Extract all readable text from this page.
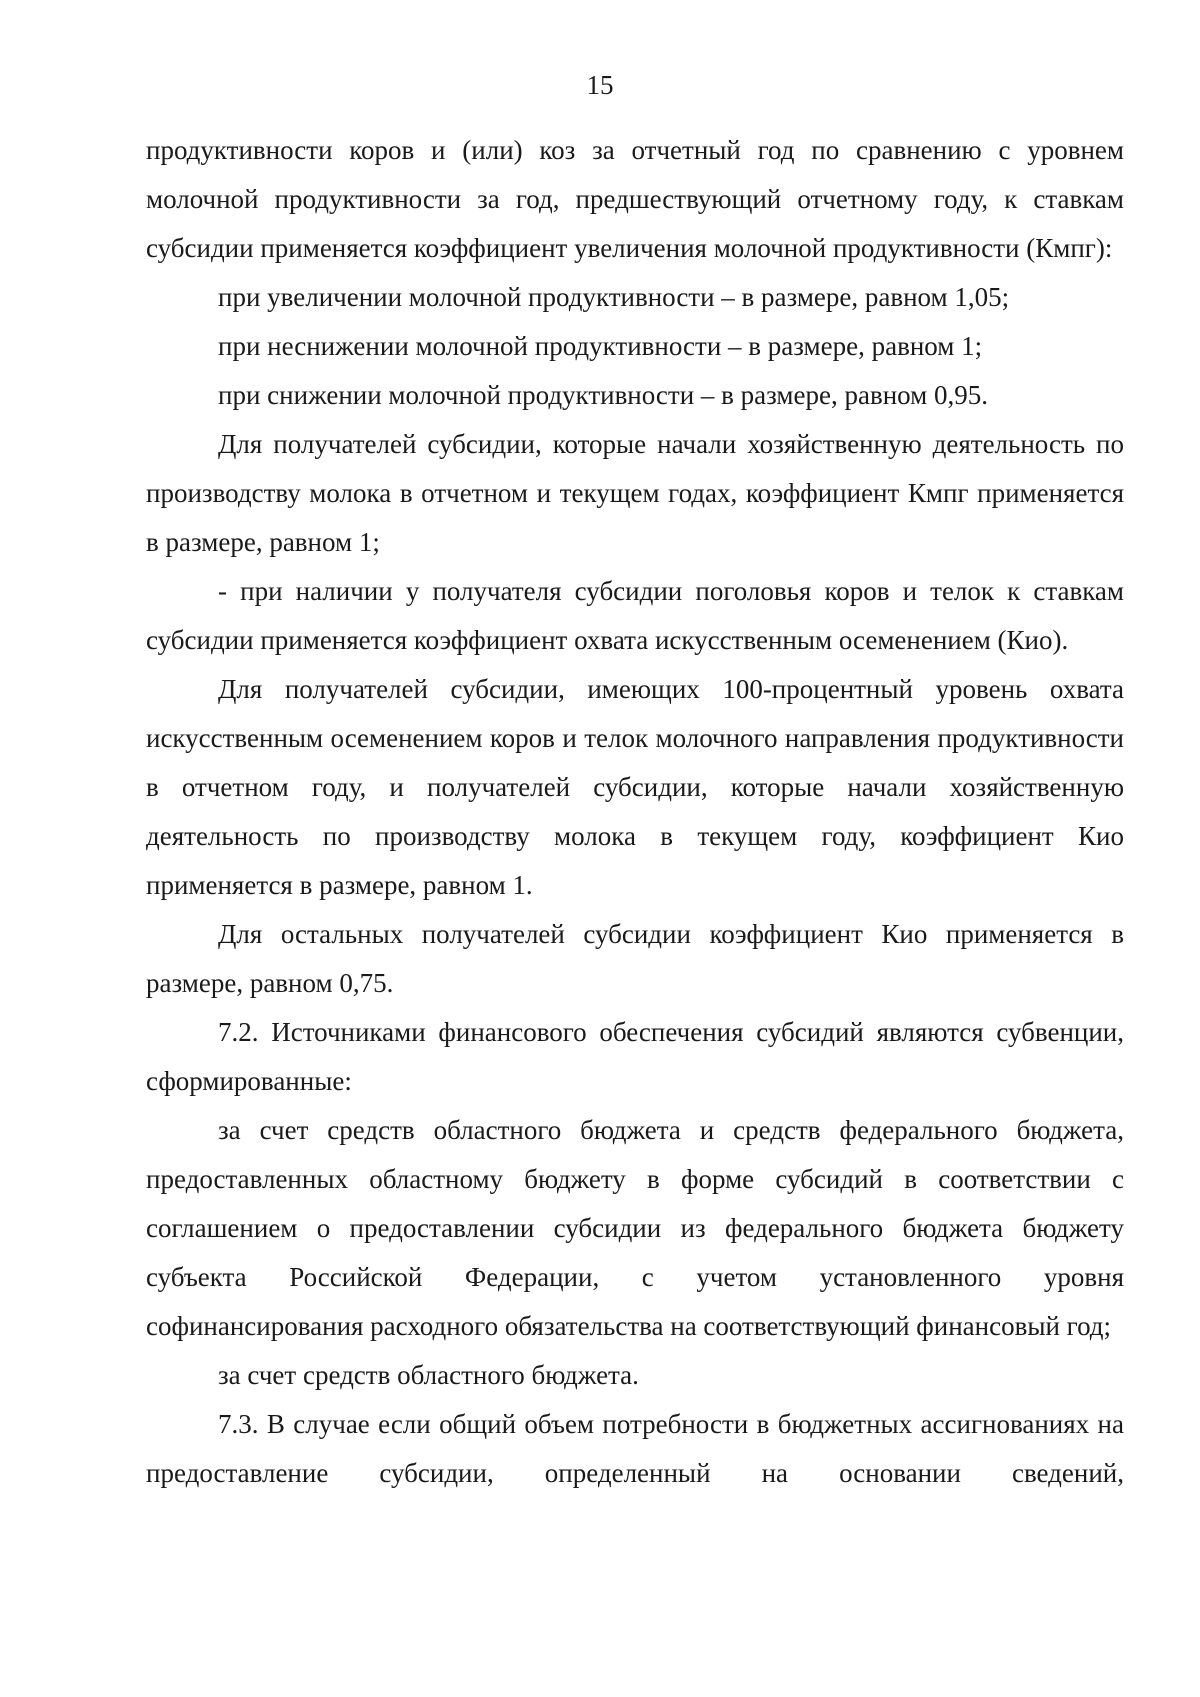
15

продуктивности коров и (или) коз за отчетный год по сравнению с уровнем молочной продуктивности за год, предшествующий отчетному году, к ставкам субсидии применяется коэффициент увеличения молочной продуктивности (Кмпг):

при увеличении молочной продуктивности – в размере, равном 1,05;

при неснижении молочной продуктивности – в размере, равном 1;

при снижении молочной продуктивности – в размере, равном 0,95.

Для получателей субсидии, которые начали хозяйственную деятельность по производству молока в отчетном и текущем годах, коэффициент Кмпг применяется в размере, равном 1;

- при наличии у получателя субсидии поголовья коров и телок к ставкам субсидии применяется коэффициент охвата искусственным осеменением (Кио).

Для получателей субсидии, имеющих 100-процентный уровень охвата искусственным осеменением коров и телок молочного направления продуктивности в отчетном году, и получателей субсидии, которые начали хозяйственную деятельность по производству молока в текущем году, коэффициент Кио применяется в размере, равном 1.

Для остальных получателей субсидии коэффициент Кио применяется в размере, равном 0,75.

7.2. Источниками финансового обеспечения субсидий являются субвенции, сформированные:

за счет средств областного бюджета и средств федерального бюджета, предоставленных областному бюджету в форме субсидий в соответствии с соглашением о предоставлении субсидии из федерального бюджета бюджету субъекта Российской Федерации, с учетом установленного уровня софинансирования расходного обязательства на соответствующий финансовый год;

за счет средств областного бюджета.

7.3. В случае если общий объем потребности в бюджетных ассигнованиях на предоставление субсидии, определенный на основании сведений,
